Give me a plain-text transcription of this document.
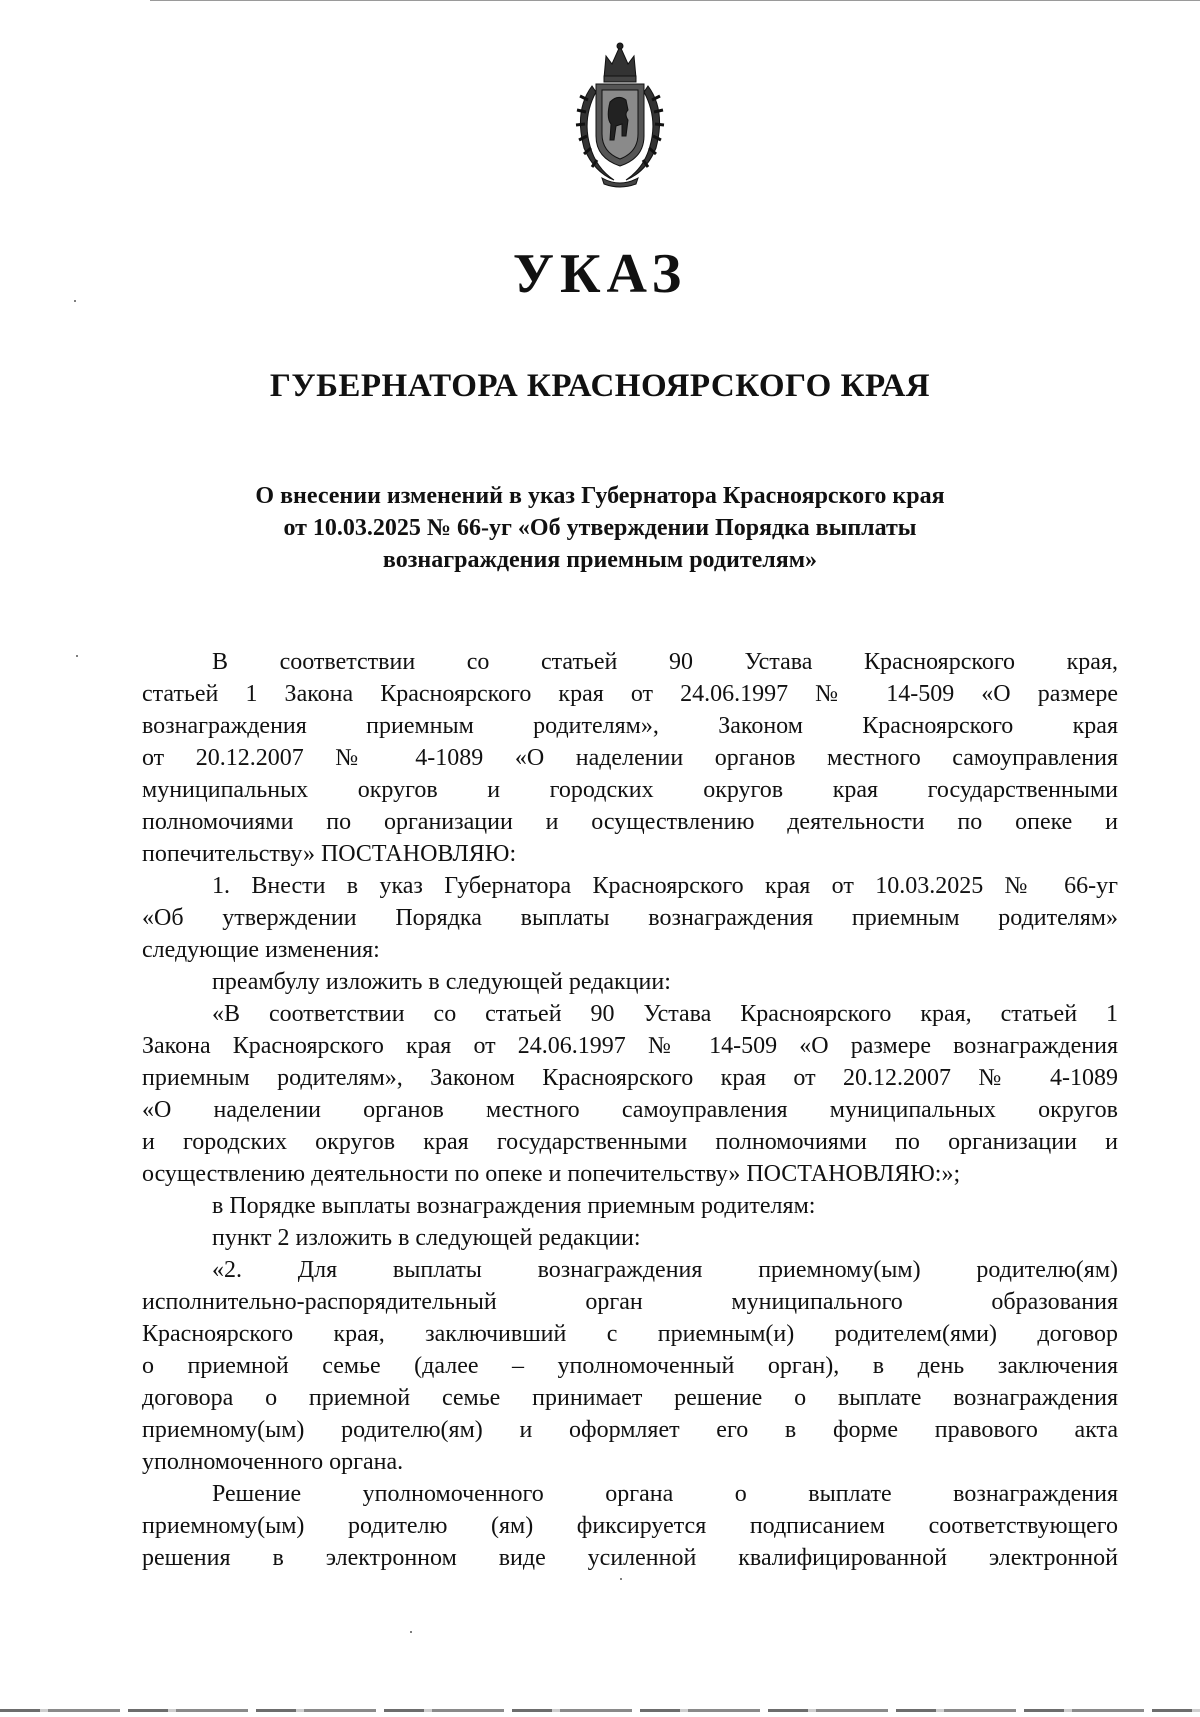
УКАЗ
ГУБЕРНАТОРА КРАСНОЯРСКОГО КРАЯ
О внесении изменений в указ Губернатора Красноярского края
от 10.03.2025 № 66-уг «Об утверждении Порядка выплаты
вознаграждения приемным родителям»
В соответствии со статьей 90 Устава Красноярского края,
статьей 1 Закона Красноярского края от 24.06.1997 № 14-509 «О размере
вознаграждения приемным родителям», Законом Красноярского края
от 20.12.2007 № 4-1089 «О наделении органов местного самоуправления
муниципальных округов и городских округов края государственными
полномочиями по организации и осуществлению деятельности по опеке и
попечительству» ПОСТАНОВЛЯЮ:
1. Внести в указ Губернатора Красноярского края от 10.03.2025 № 66-уг
«Об утверждении Порядка выплаты вознаграждения приемным родителям»
следующие изменения:
преамбулу изложить в следующей редакции:
«В соответствии со статьей 90 Устава Красноярского края, статьей 1
Закона Красноярского края от 24.06.1997 № 14-509 «О размере вознаграждения
приемным родителям», Законом Красноярского края от 20.12.2007 № 4-1089
«О наделении органов местного самоуправления муниципальных округов
и городских округов края государственными полномочиями по организации и
осуществлению деятельности по опеке и попечительству» ПОСТАНОВЛЯЮ:»;
в Порядке выплаты вознаграждения приемным родителям:
пункт 2 изложить в следующей редакции:
«2. Для выплаты вознаграждения приемному(ым) родителю(ям)
исполнительно-распорядительный орган муниципального образования
Красноярского края, заключивший с приемным(и) родителем(ями) договор
о приемной семье (далее – уполномоченный орган), в день заключения
договора о приемной семье принимает решение о выплате вознаграждения
приемному(ым) родителю(ям) и оформляет его в форме правового акта
уполномоченного органа.
Решение уполномоченного органа о выплате вознаграждения
приемному(ым) родителю (ям) фиксируется подписанием соответствующего
решения в электронном виде усиленной квалифицированной электронной
